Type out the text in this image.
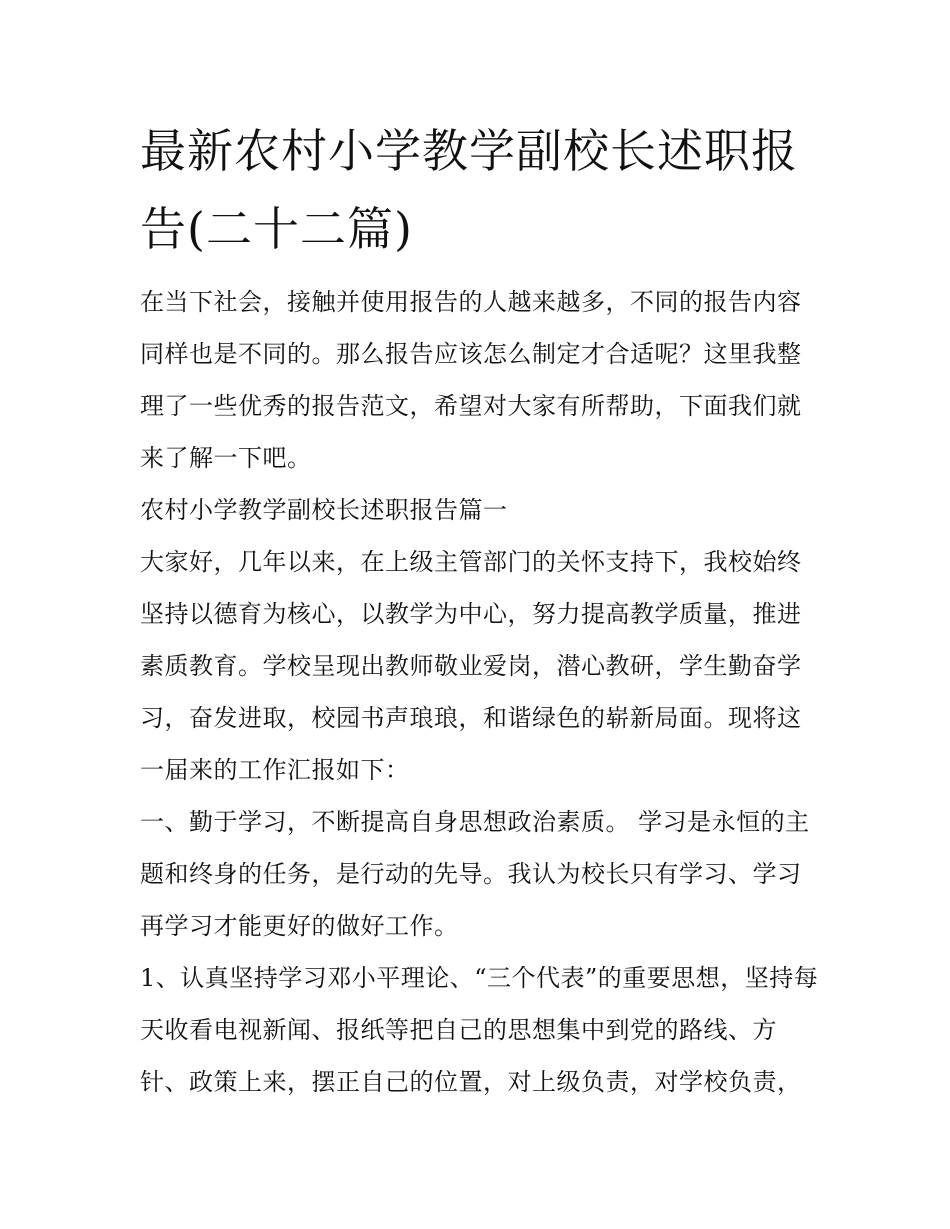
最新农村小学教学副校长述职报告(二十二篇)

在当下社会，接触并使用报告的人越来越多，不同的报告内容同样也是不同的。那么报告应该怎么制定才合适呢？这里我整理了一些优秀的报告范文，希望对大家有所帮助，下面我们就来了解一下吧。

农村小学教学副校长述职报告篇一

大家好，几年以来，在上级主管部门的关怀支持下，我校始终坚持以德育为核心，以教学为中心，努力提高教学质量，推进素质教育。学校呈现出教师敬业爱岗，潜心教研，学生勤奋学习，奋发进取，校园书声琅琅，和谐绿色的崭新局面。现将这一届来的工作汇报如下：

一、勤于学习，不断提高自身思想政治素质。 学习是永恒的主题和终身的任务，是行动的先导。我认为校长只有学习、学习再学习才能更好的做好工作。

1、认真坚持学习邓小平理论、“三个代表”的重要思想，坚持每天收看电视新闻、报纸等把自己的思想集中到党的路线、方针、政策上来，摆正自己的位置，对上级负责，对学校负责，
